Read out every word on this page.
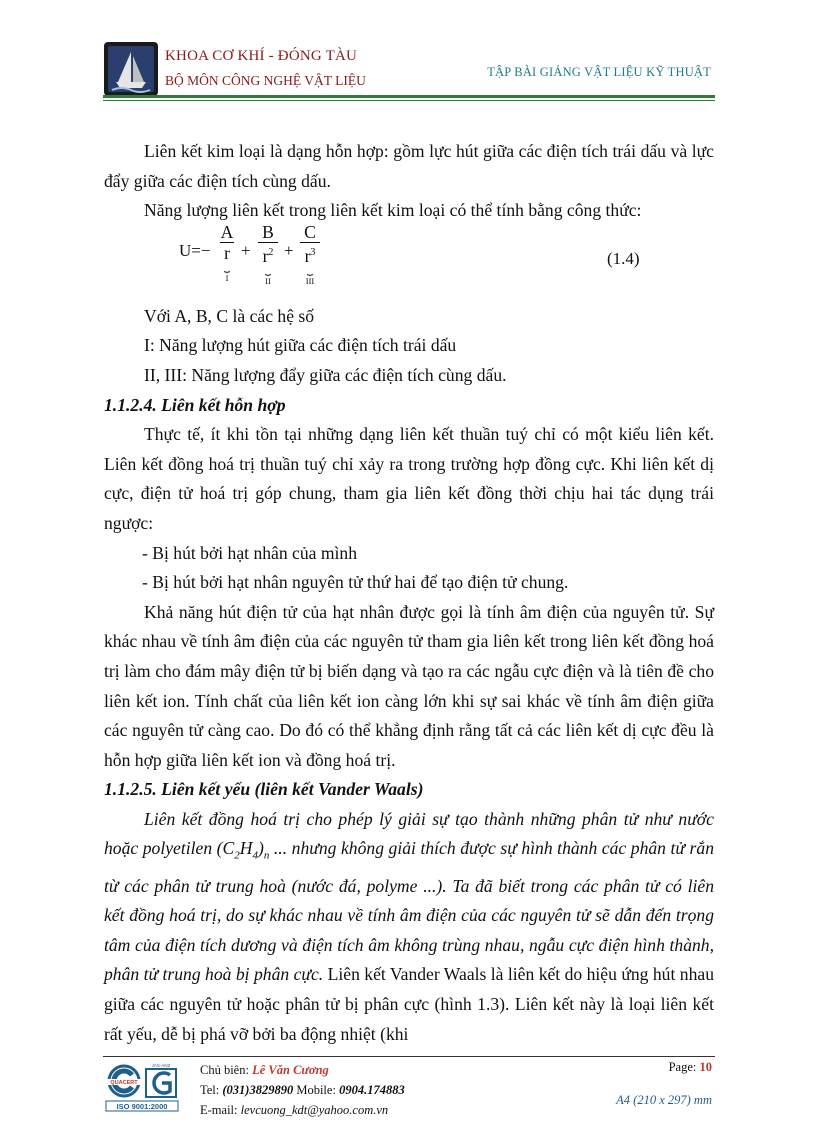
KHOA CƠ KHÍ - ĐÓNG TÀU
BỘ MÔN CÔNG NGHỆ VẬT LIỆU
TẬP BÀI GIẢNG VẬT LIỆU KỸ THUẬT

Liên kết kim loại là dạng hỗn hợp: gồm lực hút giữa các điện tích trái dấu và lực đẩy giữa các điện tích cùng dấu.

Năng lượng liên kết trong liên kết kim loại có thể tính bằng công thức:

U=−
A
r
⏟
I
+
B
$r^2$
⏟
II
+
C
$r^3$
⏟
III
(1.4)

Với A, B, C là các hệ số

I: Năng lượng hút giữa các điện tích trái dấu

II, III: Năng lượng đẩy giữa các điện tích cùng dấu.

1.1.2.4. Liên kết hỗn hợp

Thực tế, ít khi tồn tại những dạng liên kết thuần tuý chỉ có một kiểu liên kết. Liên kết đồng hoá trị thuần tuý chỉ xảy ra trong trường hợp đồng cực. Khi liên kết dị cực, điện tử hoá trị góp chung, tham gia liên kết đồng thời chịu hai tác dụng trái ngược:

- Bị hút bởi hạt nhân của mình

- Bị hút bởi hạt nhân nguyên tử thứ hai để tạo điện tử chung.

Khả năng hút điện tử của hạt nhân được gọi là tính âm điện của nguyên tử. Sự khác nhau về tính âm điện của các nguyên tử tham gia liên kết trong liên kết đồng hoá trị làm cho đám mây điện tử bị biến dạng và tạo ra các ngẫu cực điện và là tiên đề cho liên kết ion. Tính chất của liên kết ion càng lớn khi sự sai khác về tính âm điện giữa các nguyên tử càng cao. Do đó có thể khẳng định rằng tất cả các liên kết dị cực đều là hỗn hợp giữa liên kết ion và đồng hoá trị.

1.1.2.5. Liên kết yếu (liên kết Vander Waals)

Liên kết đồng hoá trị cho phép lý giải sự tạo thành những phân tử như nước hoặc polyetilen $(C_2H_4)_n$ ... nhưng không giải thích được sự hình thành các phân tử rắn từ các phân tử trung hoà (nước đá, polyme ...). Ta đã biết trong các phân tử có liên kết đồng hoá trị, do sự khác nhau về tính âm điện của các nguyên tử sẽ dẫn đến trọng tâm của điện tích dương và điện tích âm không trùng nhau, ngẫu cực điện hình thành, phân tử trung hoà bị phân cực. Liên kết Vander Waals là liên kết do hiệu ứng hút nhau giữa các nguyên tử hoặc phân tử bị phân cực (hình 1.3). Liên kết này là loại liên kết rất yếu, dễ bị phá vỡ bởi ba động nhiệt (khi

QUACERT
JAS-ANZ
ISO 9001:2000
Chủ biên: Lê Văn Cương
Tel: (031)3829890 Mobile: 0904.174883
E-mail: levcuong_kdt@yahoo.com.vn
Page: 10
A4 (210 x 297) mm
